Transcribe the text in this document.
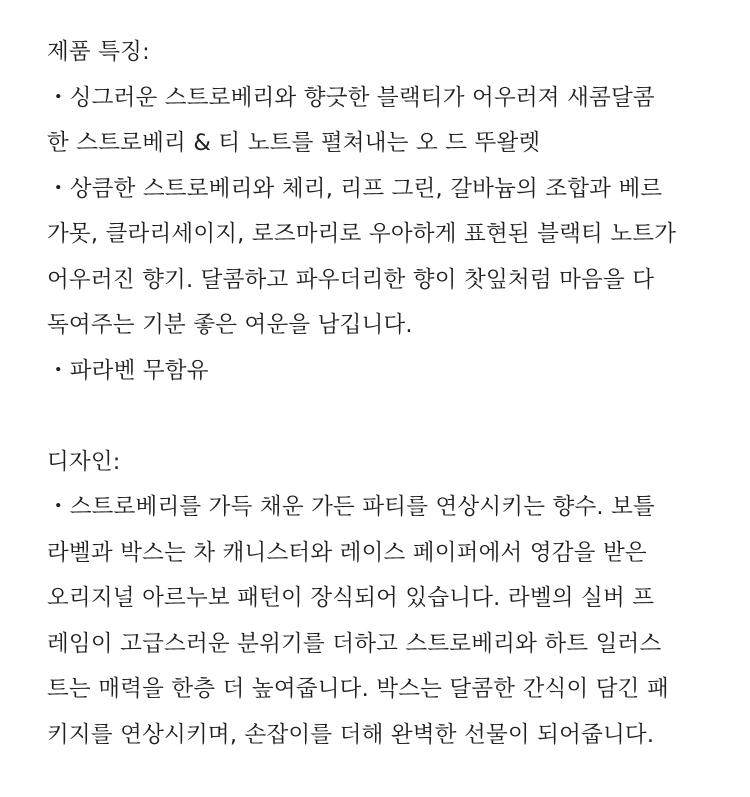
제품 특징:
・싱그러운 스트로베리와 향긋한 블랙티가 어우러져 새콤달콤
한 스트로베리 & 티 노트를 펼쳐내는 오 드 뚜왈렛
・상큼한 스트로베리와 체리, 리프 그린, 갈바늄의 조합과 베르
가못, 클라리세이지, 로즈마리로 우아하게 표현된 블랙티 노트가
어우러진 향기. 달콤하고 파우더리한 향이 찻잎처럼 마음을 다
독여주는 기분 좋은 여운을 남깁니다.
・파라벤 무함유
디자인:
・스트로베리를 가득 채운 가든 파티를 연상시키는 향수. 보틀
라벨과 박스는 차 캐니스터와 레이스 페이퍼에서 영감을 받은
오리지널 아르누보 패턴이 장식되어 있습니다. 라벨의 실버 프
레임이 고급스러운 분위기를 더하고 스트로베리와 하트 일러스
트는 매력을 한층 더 높여줍니다. 박스는 달콤한 간식이 담긴 패
키지를 연상시키며, 손잡이를 더해 완벽한 선물이 되어줍니다.
